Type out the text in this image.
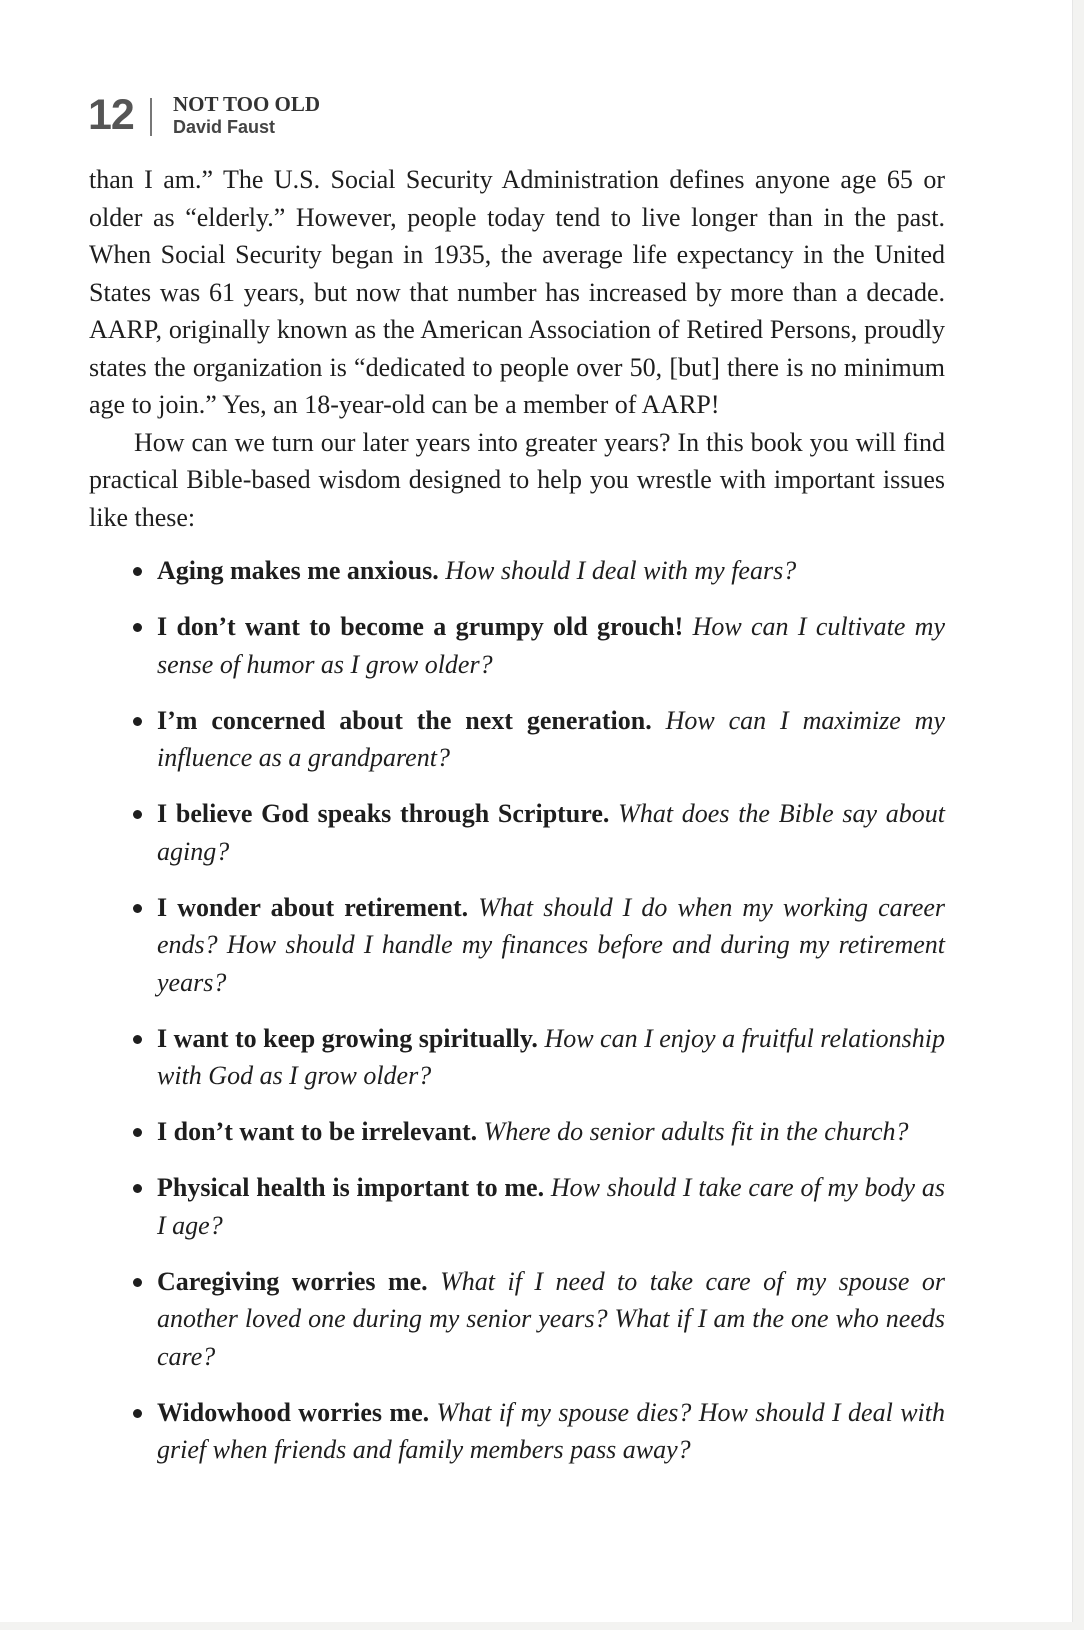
12 NOT TOO OLD
David Faust

than I am.” The U.S. Social Security Administration defines anyone age 65 or older as “elderly.” However, people today tend to live longer than in the past. When Social Security began in 1935, the average life expectancy in the United States was 61 years, but now that number has increased by more than a decade. AARP, originally known as the American Association of Retired Persons, proudly states the organization is “dedicated to people over 50, [but] there is no minimum age to join.” Yes, an 18-year-old can be a member of AARP!

How can we turn our later years into greater years? In this book you will find practical Bible-based wisdom designed to help you wrestle with important issues like these:

Aging makes me anxious. How should I deal with my fears?
I don’t want to become a grumpy old grouch! How can I cultivate my sense of humor as I grow older?
I’m concerned about the next generation. How can I maximize my influence as a grandparent?
I believe God speaks through Scripture. What does the Bible say about aging?
I wonder about retirement. What should I do when my working career ends? How should I handle my finances before and during my retirement years?
I want to keep growing spiritually. How can I enjoy a fruitful relationship with God as I grow older?
I don’t want to be irrelevant. Where do senior adults fit in the church?
Physical health is important to me. How should I take care of my body as I age?
Caregiving worries me. What if I need to take care of my spouse or another loved one during my senior years? What if I am the one who needs care?
Widowhood worries me. What if my spouse dies? How should I deal with grief when friends and family members pass away?
